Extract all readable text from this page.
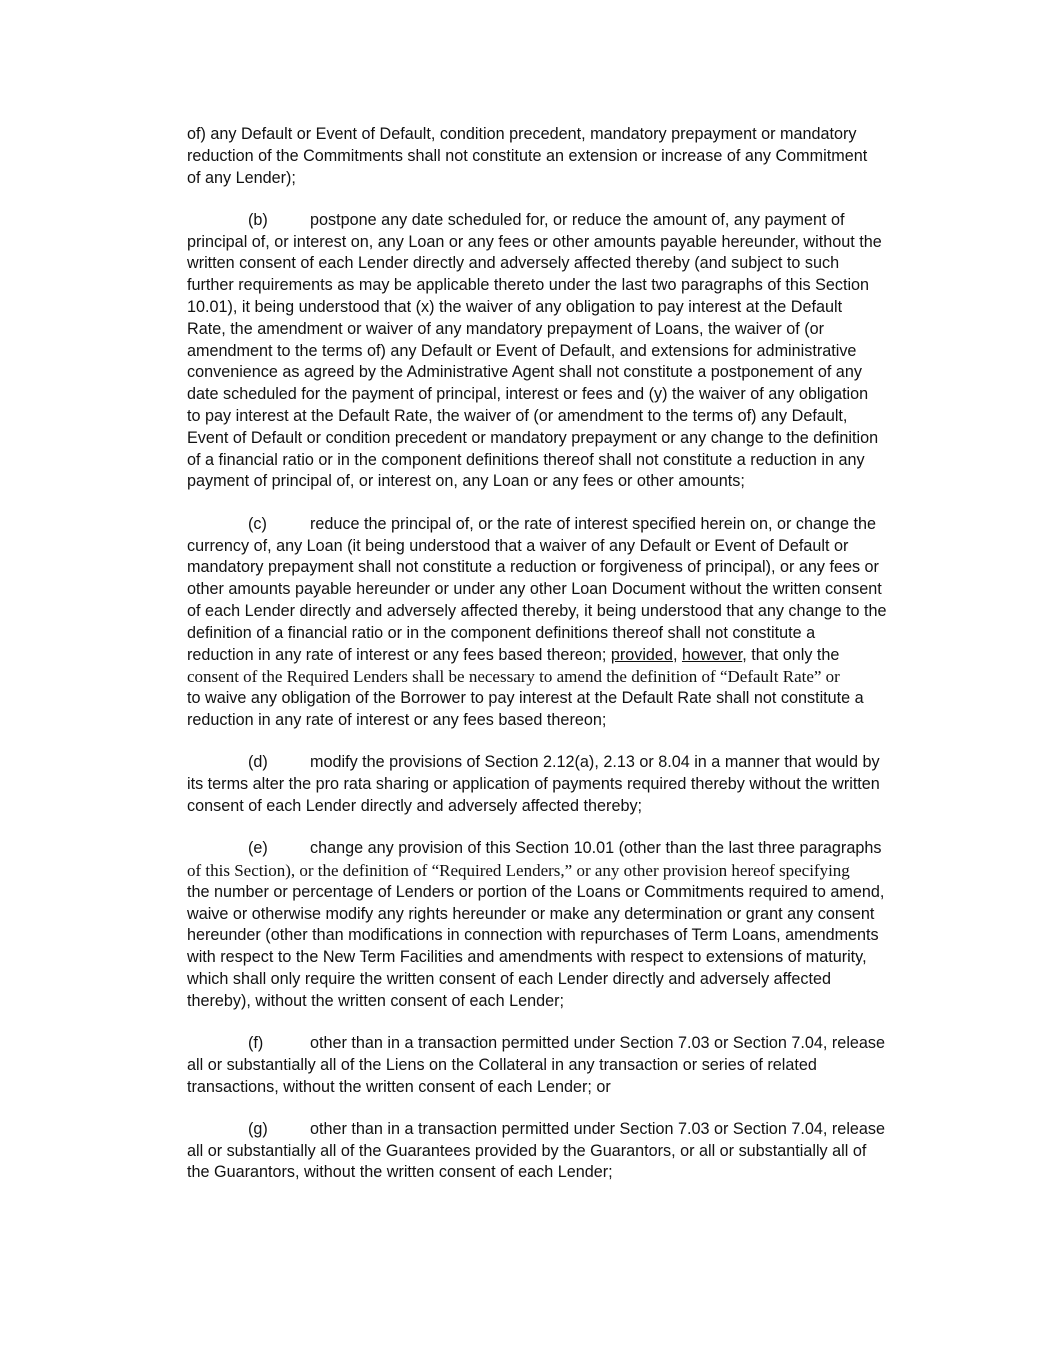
of) any Default or Event of Default, condition precedent, mandatory prepayment or mandatory
reduction of the Commitments shall not constitute an extension or increase of any Commitment
of any Lender);

(b)	postpone any date scheduled for, or reduce the amount of, any payment of
principal of, or interest on, any Loan or any fees or other amounts payable hereunder, without the
written consent of each Lender directly and adversely affected thereby (and subject to such
further requirements as may be applicable thereto under the last two paragraphs of this Section
10.01), it being understood that (x) the waiver of any obligation to pay interest at the Default
Rate, the amendment or waiver of any mandatory prepayment of Loans, the waiver of (or
amendment to the terms of) any Default or Event of Default, and extensions for administrative
convenience as agreed by the Administrative Agent shall not constitute a postponement of any
date scheduled for the payment of principal, interest or fees and (y) the waiver of any obligation
to pay interest at the Default Rate, the waiver of (or amendment to the terms of) any Default,
Event of Default or condition precedent or mandatory prepayment or any change to the definition
of a financial ratio or in the component definitions thereof shall not constitute a reduction in any
payment of principal of, or interest on, any Loan or any fees or other amounts;

(c)	reduce the principal of, or the rate of interest specified herein on, or change the
currency of, any Loan (it being understood that a waiver of any Default or Event of Default or
mandatory prepayment shall not constitute a reduction or forgiveness of principal), or any fees or
other amounts payable hereunder or under any other Loan Document without the written consent
of each Lender directly and adversely affected thereby, it being understood that any change to the
definition of a financial ratio or in the component definitions thereof shall not constitute a
reduction in any rate of interest or any fees based thereon; provided, however, that only the
consent of the Required Lenders shall be necessary to amend the definition of “Default Rate” or
to waive any obligation of the Borrower to pay interest at the Default Rate shall not constitute a
reduction in any rate of interest or any fees based thereon;

(d)	modify the provisions of Section 2.12(a), 2.13 or 8.04 in a manner that would by
its terms alter the pro rata sharing or application of payments required thereby without the written
consent of each Lender directly and adversely affected thereby;

(e)	change any provision of this Section 10.01 (other than the last three paragraphs
of this Section), or the definition of “Required Lenders,” or any other provision hereof specifying
the number or percentage of Lenders or portion of the Loans or Commitments required to amend,
waive or otherwise modify any rights hereunder or make any determination or grant any consent
hereunder (other than modifications in connection with repurchases of Term Loans, amendments
with respect to the New Term Facilities and amendments with respect to extensions of maturity,
which shall only require the written consent of each Lender directly and adversely affected
thereby), without the written consent of each Lender;

(f)	other than in a transaction permitted under Section 7.03 or Section 7.04, release
all or substantially all of the Liens on the Collateral in any transaction or series of related
transactions, without the written consent of each Lender; or

(g)	other than in a transaction permitted under Section 7.03 or Section 7.04, release
all or substantially all of the Guarantees provided by the Guarantors, or all or substantially all of
the Guarantors, without the written consent of each Lender;
